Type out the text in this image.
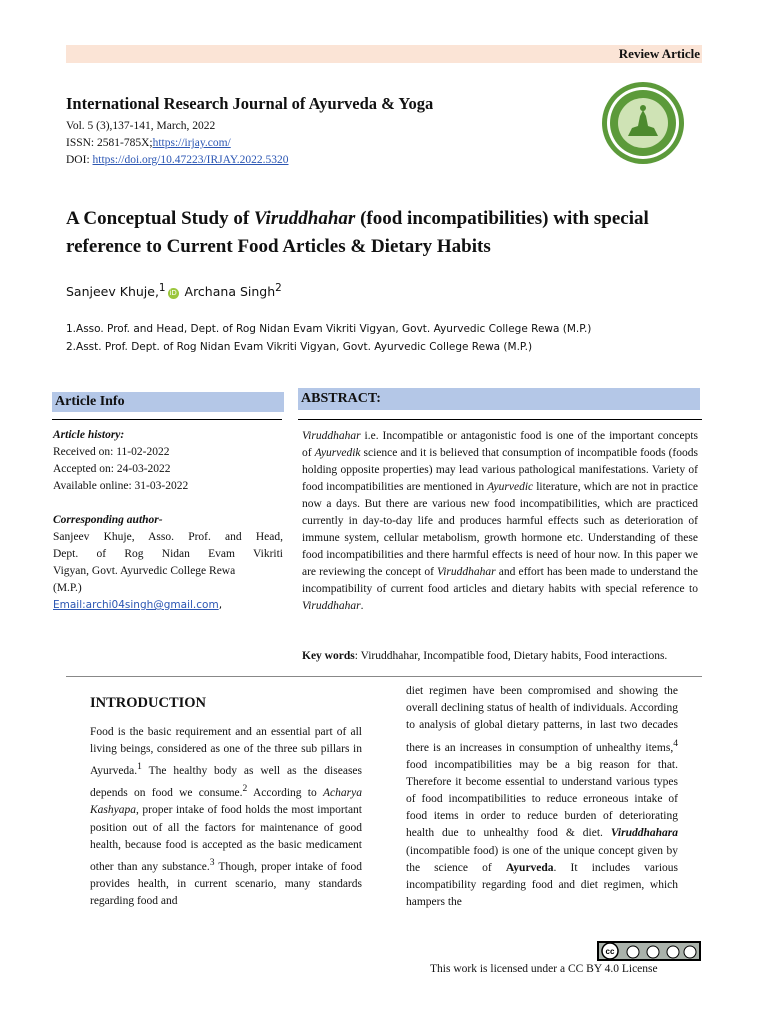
Review Article
International Research Journal of Ayurveda & Yoga
Vol. 5 (3),137-141, March, 2022
ISSN: 2581-785X;https://irjay.com/
DOI: https://doi.org/10.47223/IRJAY.2022.5320
A Conceptual Study of Viruddhahar (food incompatibilities) with special reference to Current Food Articles & Dietary Habits
Sanjeev Khuje,$^1$ iD Archana Singh$^2$
1.Asso. Prof. and Head, Dept. of Rog Nidan Evam Vikriti Vigyan, Govt. Ayurvedic College Rewa (M.P.)
2.Asst. Prof. Dept. of Rog Nidan Evam Vikriti Vigyan, Govt. Ayurvedic College Rewa (M.P.)
Article Info
Article history:
Received on: 11-02-2022
Accepted on: 24-03-2022
Available online: 31-03-2022
Corresponding author-
Sanjeev Khuje, Asso. Prof. and Head,
Dept. of Rog Nidan Evam Vikriti
Vigyan, Govt. Ayurvedic College Rewa
(M.P.)
Email:archi04singh@gmail.com,
ABSTRACT:
Viruddhahar i.e. Incompatible or antagonistic food is one of the important concepts of Ayurvedik science and it is believed that consumption of incompatible foods (foods holding opposite properties) may lead various pathological manifestations. Variety of food incompatibilities are mentioned in Ayurvedic literature, which are not in practice now a days. But there are various new food incompatibilities, which are practiced currently in day-to-day life and produces harmful effects such as deterioration of immune system, cellular metabolism, growth hormone etc. Understanding of these food incompatibilities and there harmful effects is need of hour now. In this paper we are reviewing the concept of Viruddhahar and effort has been made to understand the incompatibility of current food articles and dietary habits with special reference to Viruddhahar.
Key words: Viruddhahar, Incompatible food, Dietary habits, Food interactions.
INTRODUCTION
Food is the basic requirement and an essential part of all living beings, considered as one of the three sub pillars in Ayurveda.$^1$ The healthy body as well as the diseases depends on food we consume.$^2$ According to Acharya Kashyapa, proper intake of food holds the most important position out of all the factors for maintenance of good health, because food is accepted as the basic medicament other than any substance.$^3$ Though, proper intake of food provides health, in current scenario, many standards regarding food and
diet regimen have been compromised and showing the overall declining status of health of individuals. According to analysis of global dietary patterns, in last two decades there is an increases in consumption of unhealthy items,$^4$ food incompatibilities may be a big reason for that. Therefore it become essential to understand various types of food incompatibilities to reduce erroneous intake of food items in order to reduce burden of deteriorating health due to unhealthy food & diet. Viruddhahara (incompatible food) is one of the unique concept given by the science of Ayurveda. It includes various incompatibility regarding food and diet regimen, which hampers the
cc
This work is licensed under a CC BY 4.0 License
